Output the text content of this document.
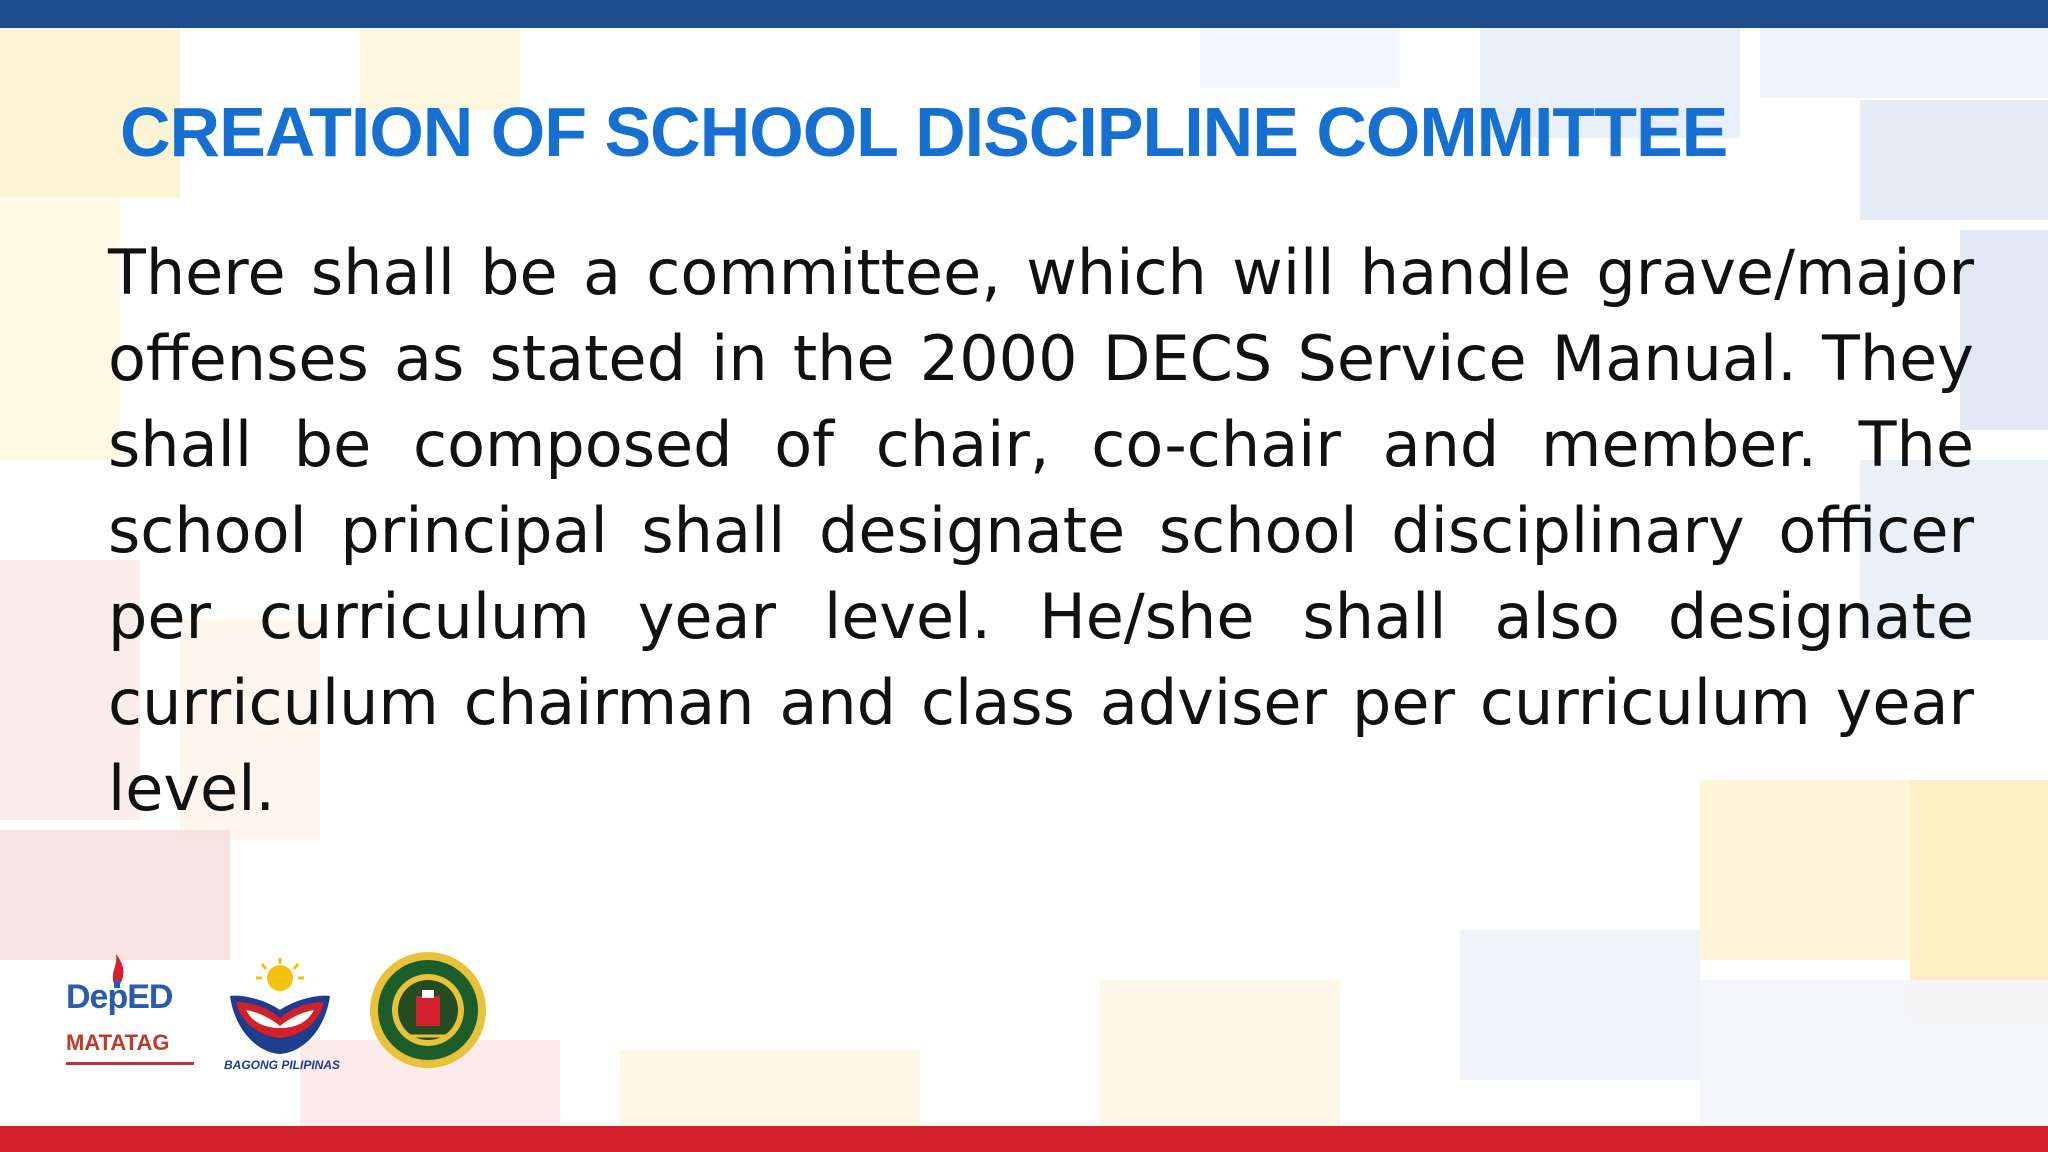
CREATION OF SCHOOL DISCIPLINE COMMITTEE

There shall be a committee, which will handle grave/major offenses as stated in the 2000 DECS Service Manual. They shall be composed of chair, co-chair and member. The school principal shall designate school disciplinary officer per curriculum year level. He/she shall also designate curriculum chairman and class adviser per curriculum year level.

DepED
MATATAG
BAGONG PILIPINAS
